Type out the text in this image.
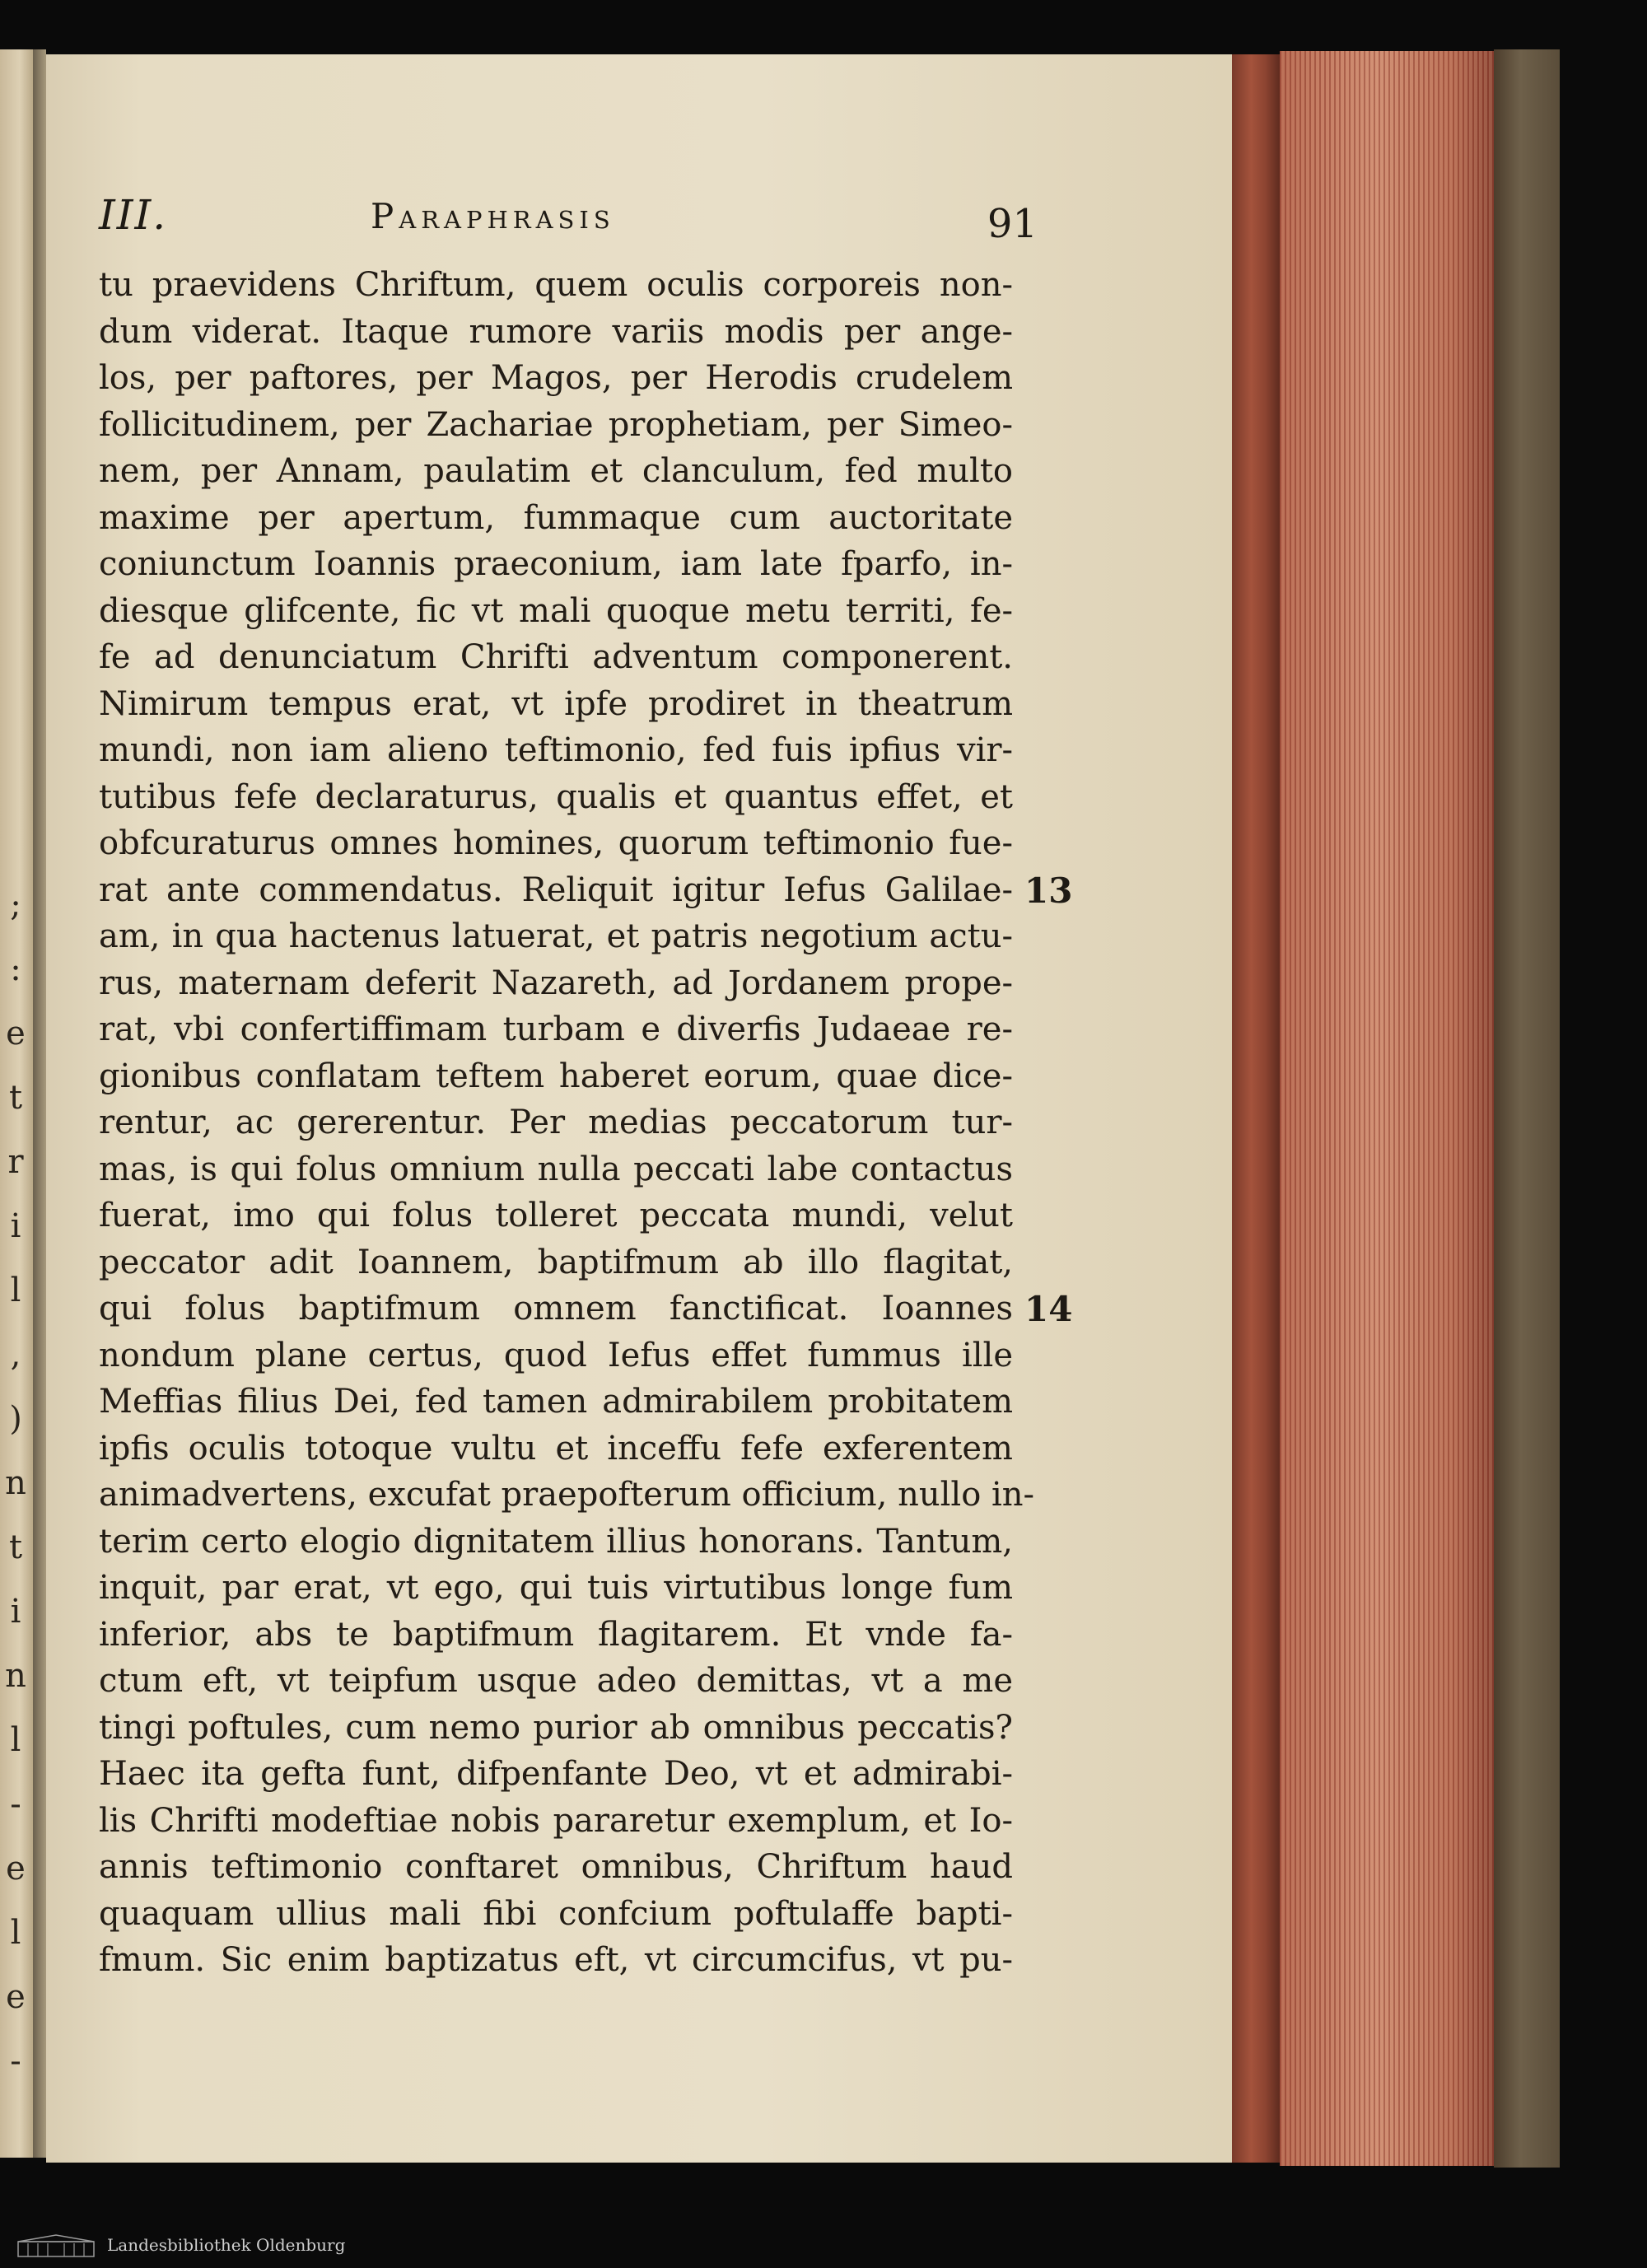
;
:
e
t
r
i
l
,
)
n
t
i
n
l
-
e
l
e
-
III.	Paraphrasis	91
tu praevidens Chriftum, quem oculis corporeis non-
dum viderat. Itaque rumore variis modis per ange-
los, per paftores, per Magos, per Herodis crudelem
follicitudinem, per Zachariae prophetiam, per Simeo-
nem, per Annam, paulatim et clanculum, fed multo
maxime per apertum, fummaque cum auctoritate
coniunctum Ioannis praeconium, iam late fparfo, in-
diesque glifcente, fic vt mali quoque metu territi, fe-
fe ad denunciatum Chrifti adventum componerent.
Nimirum tempus erat, vt ipfe prodiret in theatrum
mundi, non iam alieno teftimonio, fed fuis ipfius vir-
tutibus fefe declaraturus, qualis et quantus effet, et
obfcuraturus omnes homines, quorum teftimonio fue-
rat ante commendatus. Reliquit igitur Iefus Galilae-
am, in qua hactenus latuerat, et patris negotium actu-
rus, maternam deferit Nazareth, ad Jordanem prope-
rat, vbi confertiffimam turbam e diverfis Judaeae re-
gionibus conflatam teftem haberet eorum, quae dice-
rentur, ac gererentur. Per medias peccatorum tur-
mas, is qui folus omnium nulla peccati labe contactus
fuerat, imo qui folus tolleret peccata mundi, velut
peccator adit Ioannem, baptifmum ab illo flagitat,
qui folus baptifmum omnem fanctificat. Ioannes
nondum plane certus, quod Iefus effet fummus ille
Meffias filius Dei, fed tamen admirabilem probitatem
ipfis oculis totoque vultu et inceffu fefe exferentem
animadvertens, excufat praepofterum officium, nullo in-
terim certo elogio dignitatem illius honorans. Tantum,
inquit, par erat, vt ego, qui tuis virtutibus longe fum
inferior, abs te baptifmum flagitarem. Et vnde fa-
ctum eft, vt teipfum usque adeo demittas, vt a me
tingi poftules, cum nemo purior ab omnibus peccatis?
Haec ita gefta funt, difpenfante Deo, vt et admirabi-
lis Chrifti modeftiae nobis pararetur exemplum, et Io-
annis teftimonio conftaret omnibus, Chriftum haud
quaquam ullius mali fibi confcium poftulaffe bapti-
fmum. Sic enim baptizatus eft, vt circumcifus, vt pu-
13
14
Landesbibliothek Oldenburg
